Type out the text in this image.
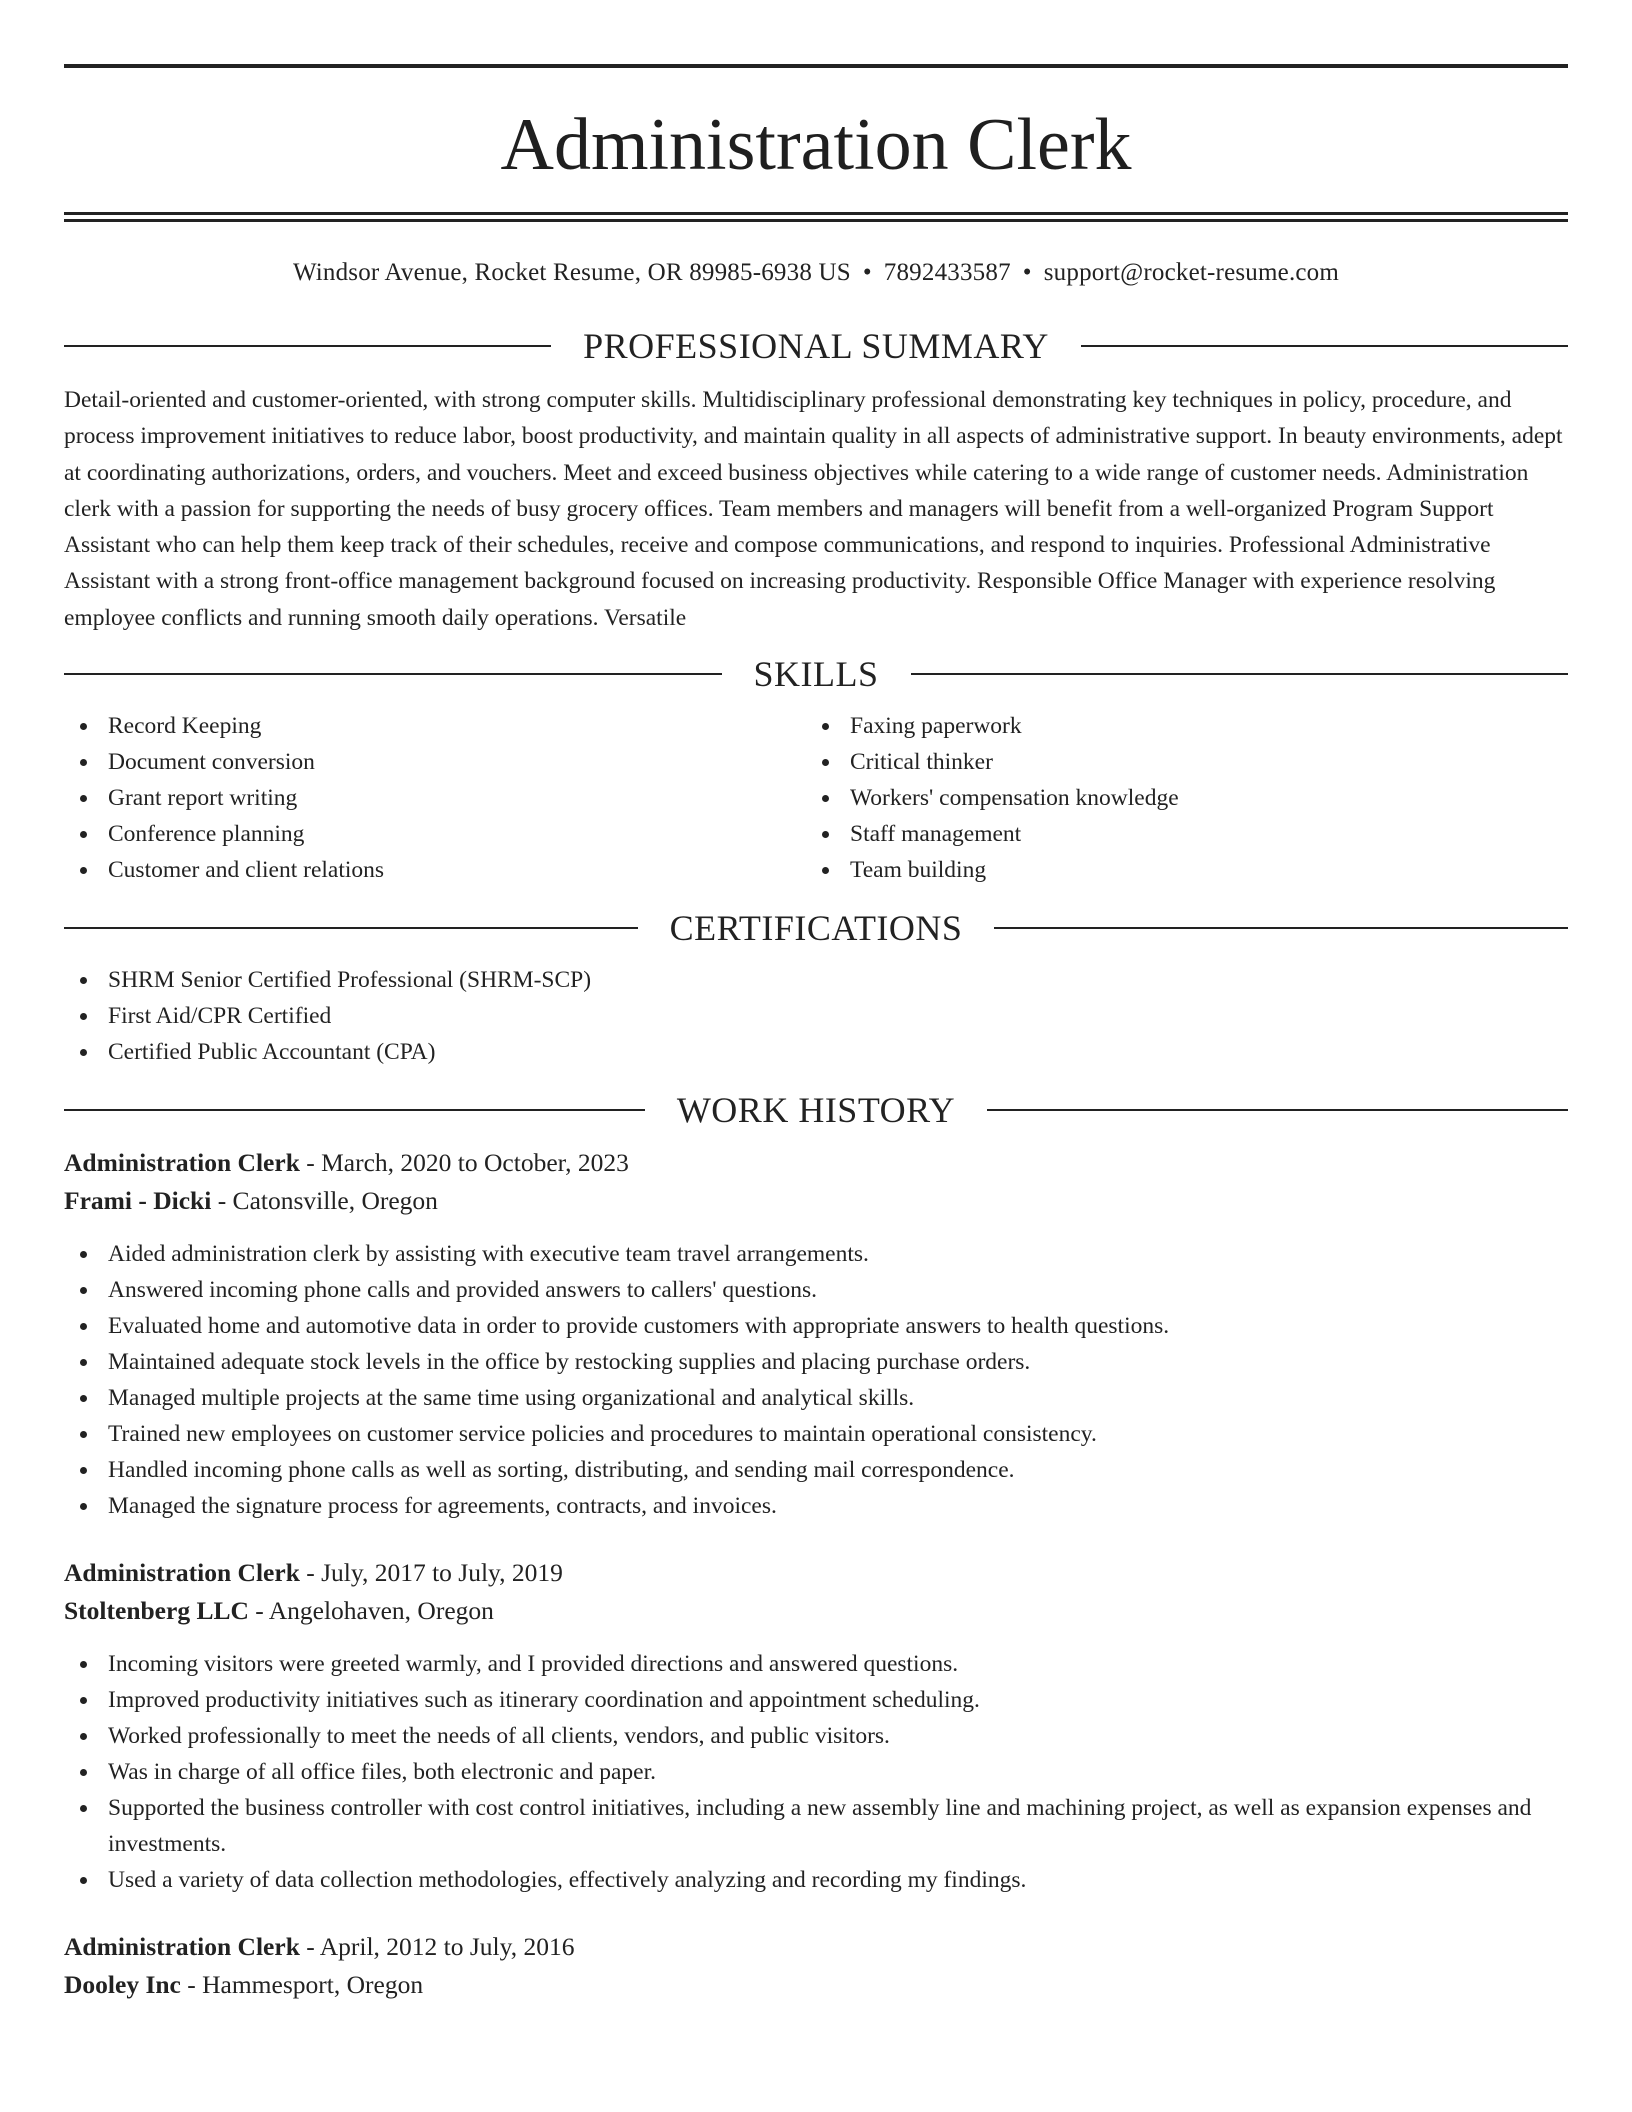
Administration Clerk
Windsor Avenue, Rocket Resume, OR 89985-6938 US • 7892433587 • support@rocket-resume.com
PROFESSIONAL SUMMARY

Detail-oriented and customer-oriented, with strong computer skills. Multidisciplinary professional demonstrating key techniques in policy, procedure, and process improvement initiatives to reduce labor, boost productivity, and maintain quality in all aspects of administrative support. In beauty environments, adept at coordinating authorizations, orders, and vouchers. Meet and exceed business objectives while catering to a wide range of customer needs. Administration clerk with a passion for supporting the needs of busy grocery offices. Team members and managers will benefit from a well-organized Program Support Assistant who can help them keep track of their schedules, receive and compose communications, and respond to inquiries. Professional Administrative Assistant with a strong front-office management background focused on increasing productivity. Responsible Office Manager with experience resolving employee conflicts and running smooth daily operations. Versatile

SKILLS
Record Keeping
Document conversion
Grant report writing
Conference planning
Customer and client relations
Faxing paperwork
Critical thinker
Workers' compensation knowledge
Staff management
Team building
CERTIFICATIONS
SHRM Senior Certified Professional (SHRM-SCP)
First Aid/CPR Certified
Certified Public Accountant (CPA)
WORK HISTORY
Administration Clerk - March, 2020 to October, 2023
Frami - Dicki - Catonsville, Oregon
Aided administration clerk by assisting with executive team travel arrangements.
Answered incoming phone calls and provided answers to callers' questions.
Evaluated home and automotive data in order to provide customers with appropriate answers to health questions.
Maintained adequate stock levels in the office by restocking supplies and placing purchase orders.
Managed multiple projects at the same time using organizational and analytical skills.
Trained new employees on customer service policies and procedures to maintain operational consistency.
Handled incoming phone calls as well as sorting, distributing, and sending mail correspondence.
Managed the signature process for agreements, contracts, and invoices.
Administration Clerk - July, 2017 to July, 2019
Stoltenberg LLC - Angelohaven, Oregon
Incoming visitors were greeted warmly, and I provided directions and answered questions.
Improved productivity initiatives such as itinerary coordination and appointment scheduling.
Worked professionally to meet the needs of all clients, vendors, and public visitors.
Was in charge of all office files, both electronic and paper.
Supported the business controller with cost control initiatives, including a new assembly line and machining project, as well as expansion expenses and investments.
Used a variety of data collection methodologies, effectively analyzing and recording my findings.
Administration Clerk - April, 2012 to July, 2016
Dooley Inc - Hammesport, Oregon
